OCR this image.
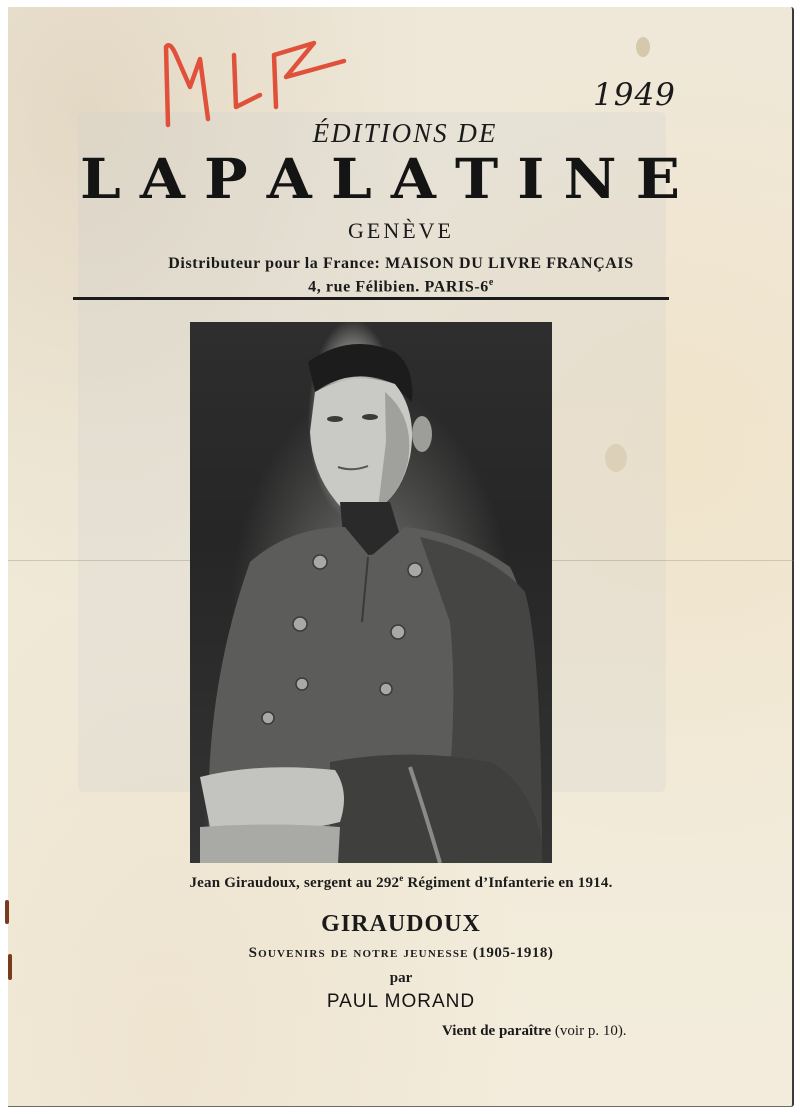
1949
ÉDITIONS DE
L A P A L A T I N E
GENÈVE
Distributeur pour la France: MAISON DU LIVRE FRANÇAIS
4, rue Félibien. PARIS-6e
Jean Giraudoux, sergent au 292e Régiment d’Infanterie en 1914.
GIRAUDOUX
Souvenirs de notre jeunesse (1905-1918)
par
PAUL MORAND
Vient de paraître (voir p. 10).
